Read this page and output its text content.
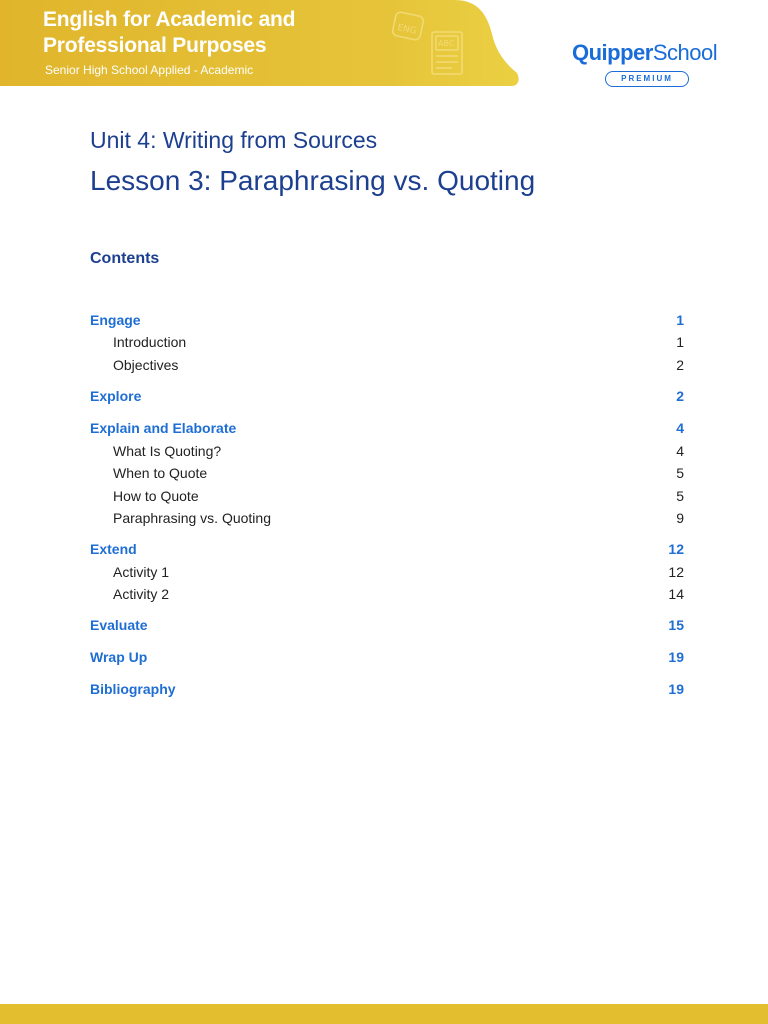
ENG
ABC
English for Academic and
Professional Purposes
Senior High School Applied - Academic
QuipperSchool
PREMIUM
Unit 4: Writing from Sources
Lesson 3: Paraphrasing vs. Quoting
Contents
Engage	1
Introduction	1
Objectives	2
Explore	2
Explain and Elaborate	4
What Is Quoting?	4
When to Quote	5
How to Quote	5
Paraphrasing vs. Quoting	9
Extend	12
Activity 1	12
Activity 2	14
Evaluate	15
Wrap Up	19
Bibliography	19
